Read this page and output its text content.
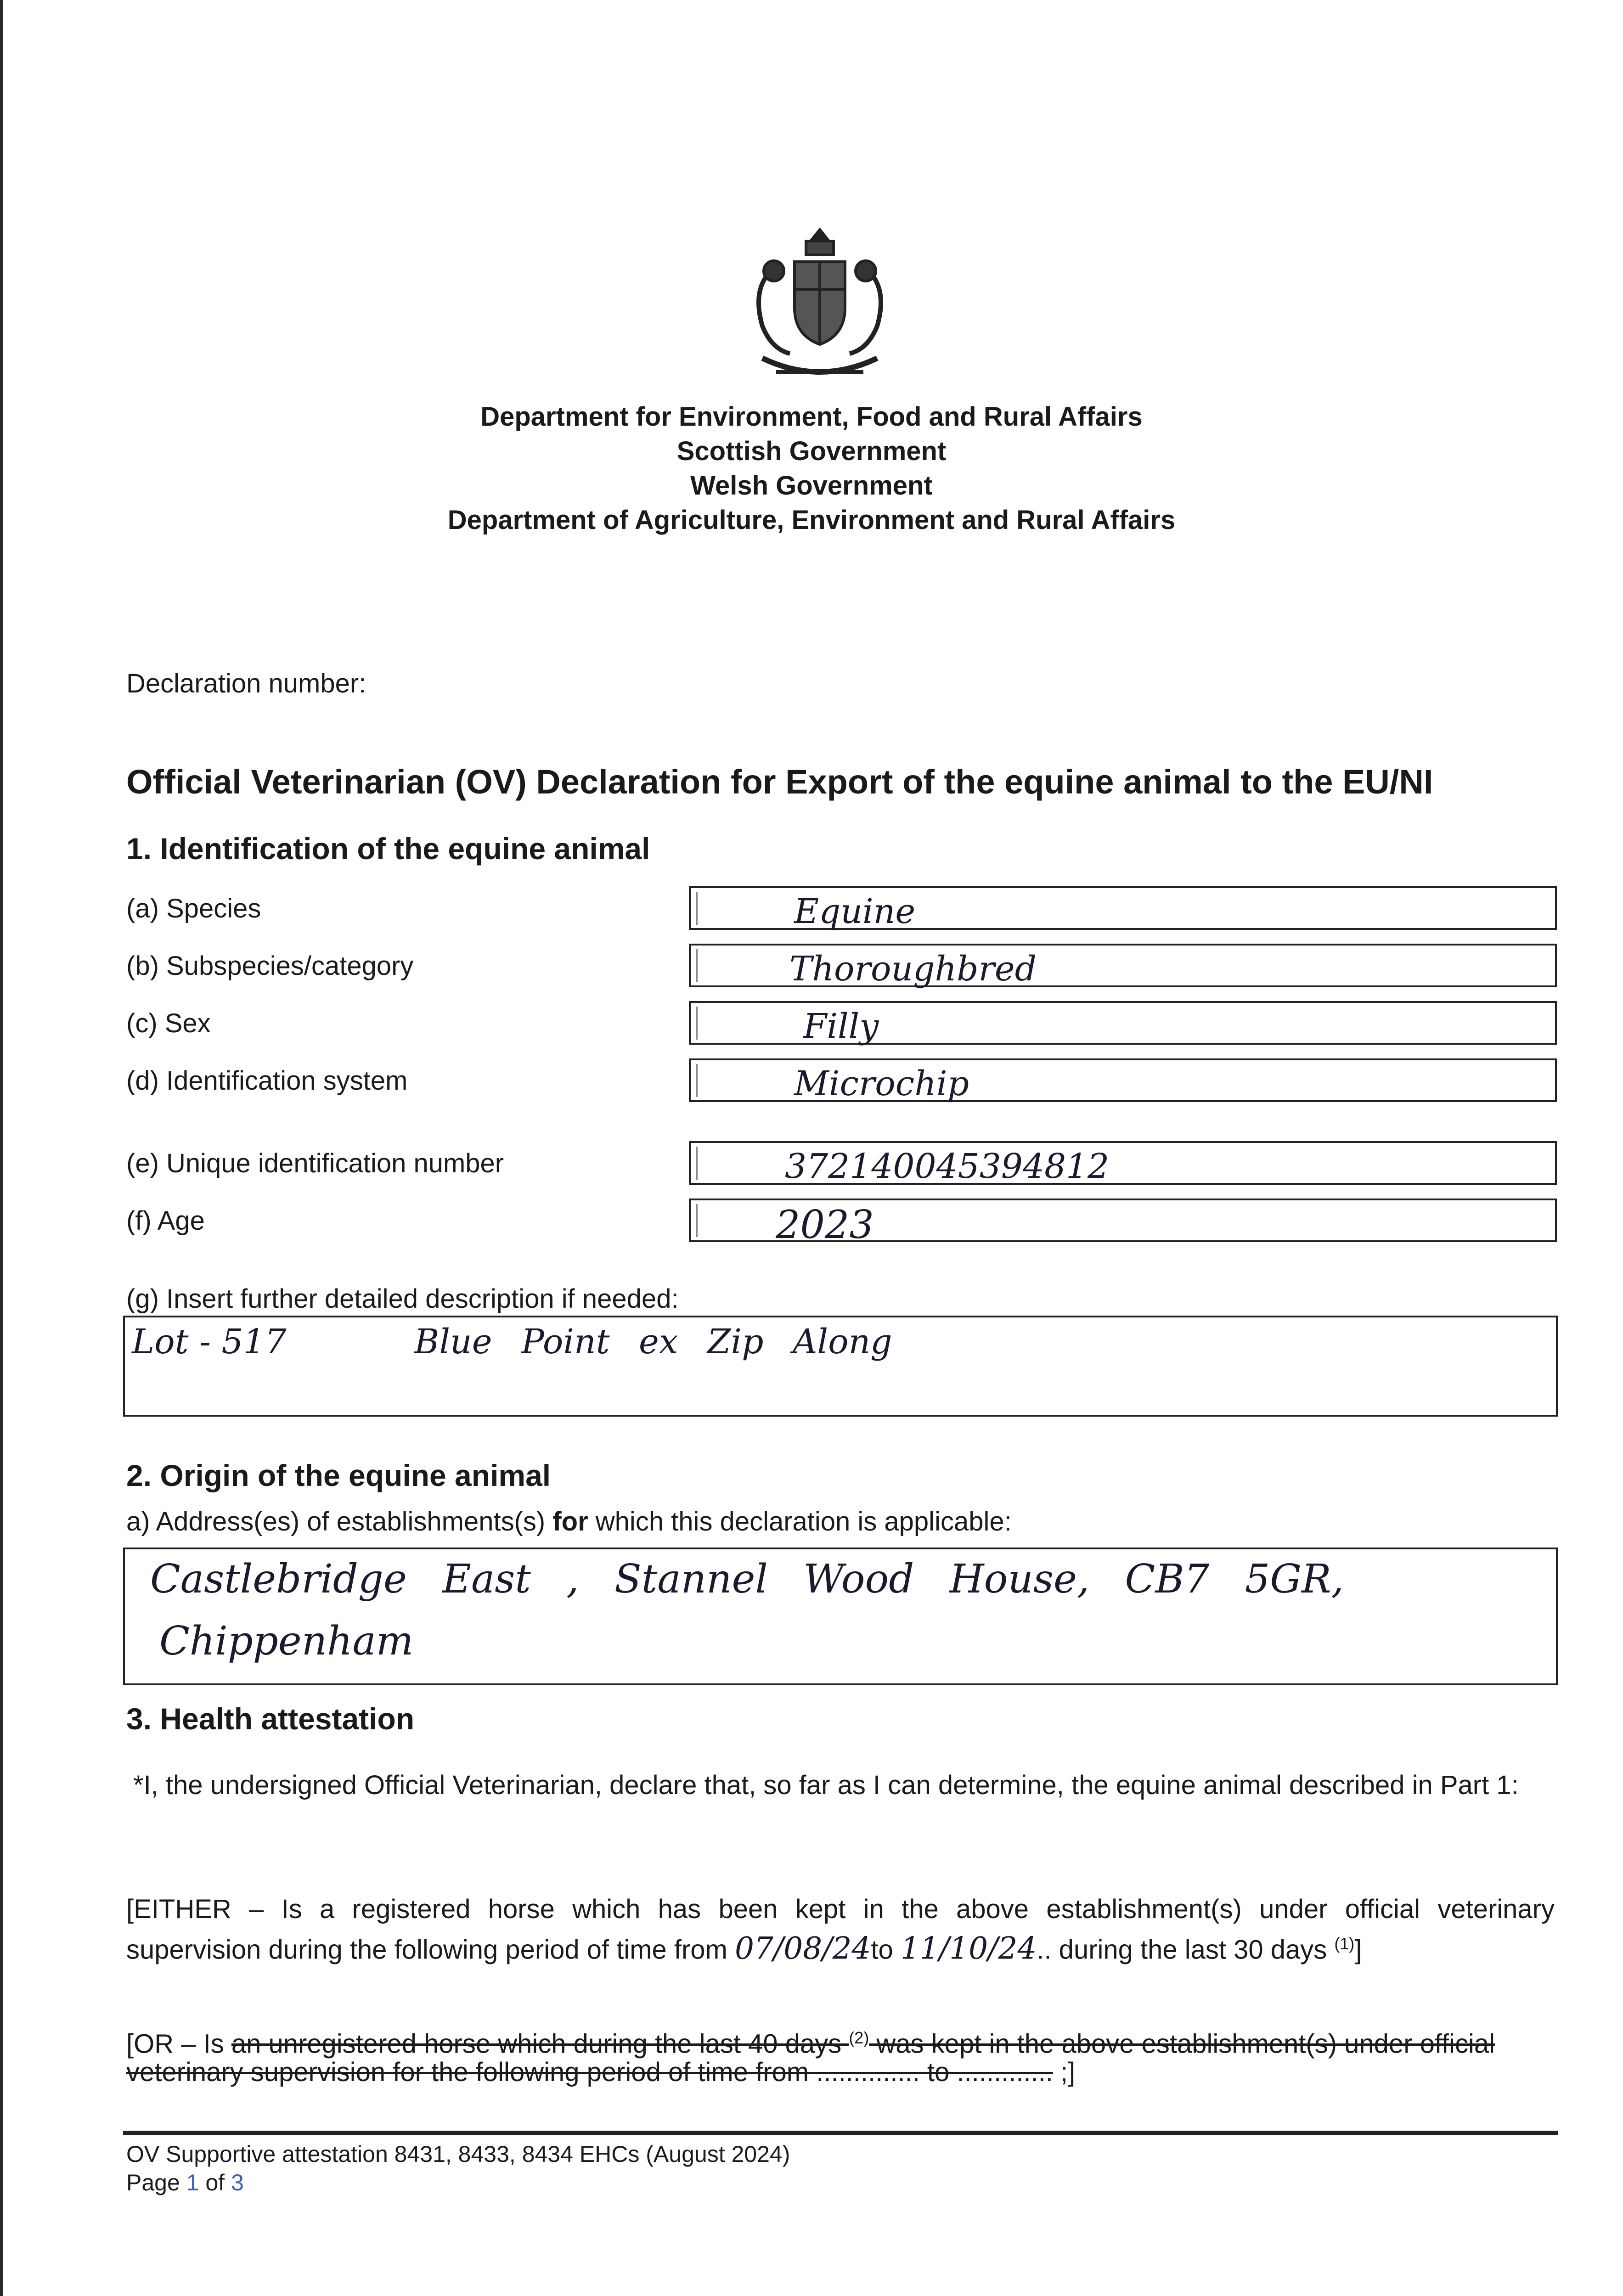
Department for Environment, Food and Rural Affairs
Scottish Government
Welsh Government
Department of Agriculture, Environment and Rural Affairs
Declaration number:
Official Veterinarian (OV) Declaration for Export of the equine animal to the EU/NI
1. Identification of the equine animal
(a) Species	Equine
(b) Subspecies/category	Thoroughbred
(c) Sex	Filly
(d) Identification system	Microchip
(e) Unique identification number	372140045394812
(f) Age	2023
(g) Insert further detailed description if needed:
Lot - 517	Blue Point ex Zip Along
2. Origin of the equine animal
a) Address(es) of establishments(s) for which this declaration is applicable:
Castlebridge East , Stannel Wood House, CB7 5GR,
Chippenham
3. Health attestation
*I, the undersigned Official Veterinarian, declare that, so far as I can determine, the equine animal described in Part 1:
[EITHER – Is a registered horse which has been kept in the above establishment(s) under official veterinary
supervision during the following period of time from 07/08/24to 11/10/24.. during the last 30 days $^{(1)}$]
[OR – Is an unregistered horse which during the last 40 days $^{(2)}$ was kept in the above establishment(s) under official
veterinary supervision for the following period of time from .............. to ............. ;]
OV Supportive attestation 8431, 8433, 8434 EHCs (August 2024)
Page 1 of 3
